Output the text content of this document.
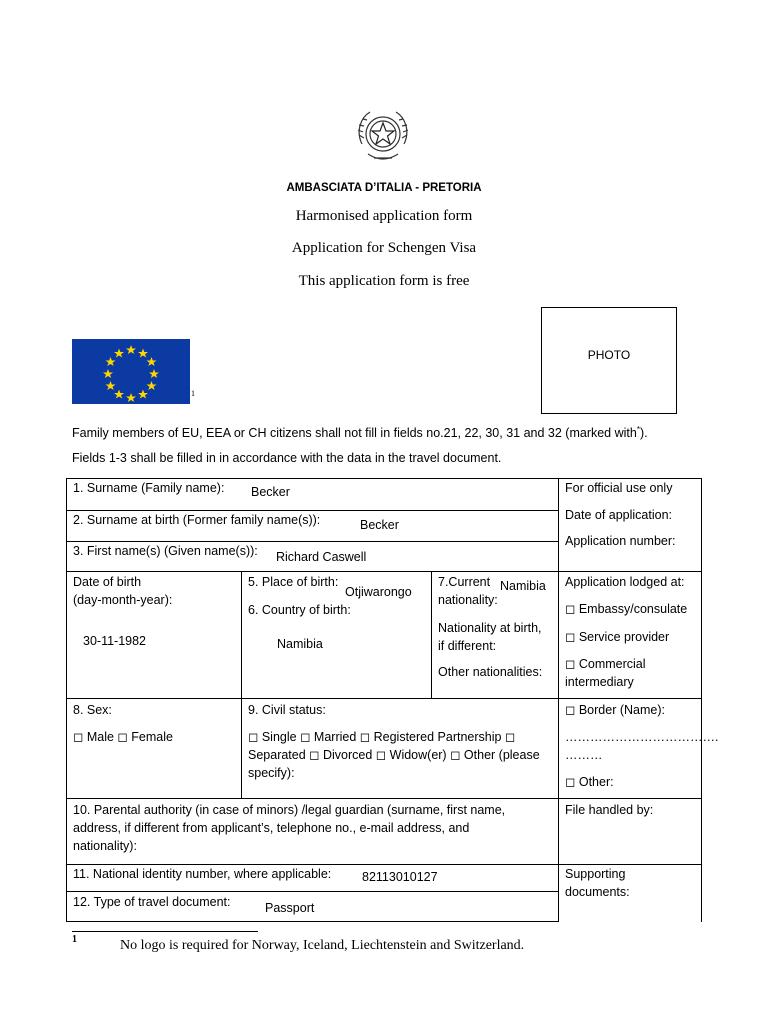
AMBASCIATA D’ITALIA - PRETORIA
Harmonised application form
Application for Schengen Visa
This application form is free
1
PHOTO
Family members of EU, EEA or CH citizens shall not fill in fields no.21, 22, 30, 31 and 32 (marked with*).
Fields 1-3 shall be filled in in accordance with the data in the travel document.
1. Surname (Family name): Becker
2. Surname at birth (Former family name(s)):	Becker
3. First name(s) (Given name(s)): Richard Caswell
Date of birth
(day-month-year):
30-11-1982
5. Place of birth:
Otjiwarongo
6. Country of birth:
Namibia
7.Current
nationality:
Namibia
Nationality at birth,
if different:
Other nationalities:
8. Sex:
◻ Male ◻ Female
9. Civil status:
◻ Single ◻ Married ◻ Registered Partnership ◻
Separated ◻ Divorced ◻ Widow(er) ◻ Other (please
specify):
10. Parental authority (in case of minors) /legal guardian (surname, first name,
address, if different from applicant’s, telephone no., e-mail address, and
nationality):
11. National identity number, where applicable: 82113010127
12. Type of travel document:	Passport
For official use only
Date of application:
Application number:
Application lodged at:
◻ Embassy/consulate
◻ Service provider
◻ Commercial
intermediary
◻ Border (Name):
……………………………….
………
◻ Other:
File handled by:
Supporting
documents:
1	No logo is required for Norway, Iceland, Liechtenstein and Switzerland.
